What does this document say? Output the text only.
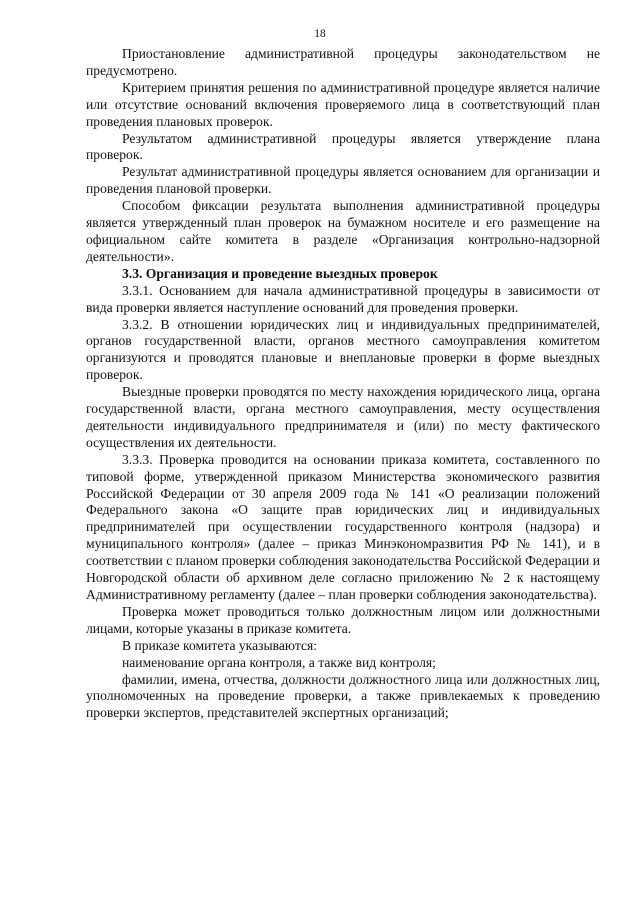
18

Приостановление административной процедуры законодательством не предусмотрено.

Критерием принятия решения по административной процедуре является наличие или отсутствие оснований включения проверяемого лица в соответствующий план проведения плановых проверок.

Результатом административной процедуры является утверждение плана проверок.

Результат административной процедуры является основанием для организации и проведения плановой проверки.

Способом фиксации результата выполнения административной процедуры является утвержденный план проверок на бумажном носителе и его размещение на официальном сайте комитета в разделе «Организация контрольно-надзорной деятельности».

3.3. Организация и проведение выездных проверок

3.3.1. Основанием для начала административной процедуры в зависимости от вида проверки является наступление оснований для проведения проверки.

3.3.2. В отношении юридических лиц и индивидуальных предпринимателей, органов государственной власти, органов местного самоуправления комитетом организуются и проводятся плановые и внеплановые проверки в форме выездных проверок.

Выездные проверки проводятся по месту нахождения юридического лица, органа государственной власти, органа местного самоуправления, месту осуществления деятельности индивидуального предпринимателя и (или) по месту фактического осуществления их деятельности.

3.3.3. Проверка проводится на основании приказа комитета, составленного по типовой форме, утвержденной приказом Министерства экономического развития Российской Федерации от 30 апреля 2009 года № 141 «О реализации положений Федерального закона «О защите прав юридических лиц и индивидуальных предпринимателей при осуществлении государственного контроля (надзора) и муниципального контроля» (далее – приказ Минэкономразвития РФ № 141), и в соответствии с планом проверки соблюдения законодательства Российской Федерации и Новгородской области об архивном деле согласно приложению № 2 к настоящему Административному регламенту (далее – план проверки соблюдения законодательства).

Проверка может проводиться только должностным лицом или должностными лицами, которые указаны в приказе комитета.

В приказе комитета указываются:

наименование органа контроля, а также вид контроля;

фамилии, имена, отчества, должности должностного лица или должностных лиц, уполномоченных на проведение проверки, а также привлекаемых к проведению проверки экспертов, представителей экспертных организаций;
